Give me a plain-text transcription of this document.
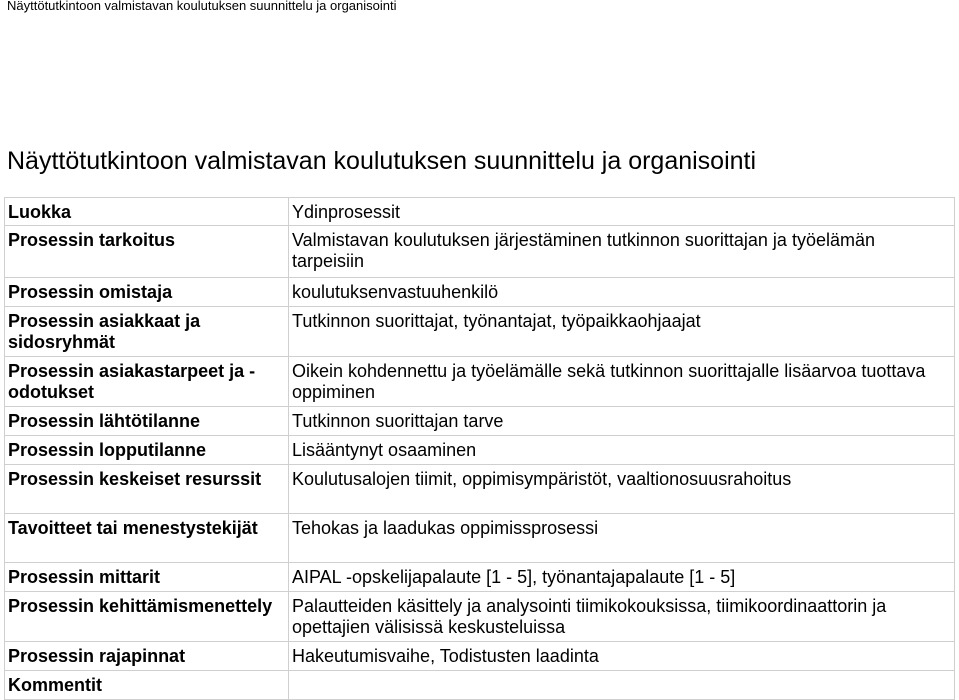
Näyttötutkintoon valmistavan koulutuksen suunnittelu ja organisointi
Näyttötutkintoon valmistavan koulutuksen suunnittelu ja organisointi
Luokka	Ydinprosessit
Prosessin tarkoitus	Valmistavan koulutuksen järjestäminen tutkinnon suorittajan ja työelämän tarpeisiin
Prosessin omistaja	koulutuksenvastuuhenkilö
Prosessin asiakkaat ja sidosryhmät	Tutkinnon suorittajat, työnantajat, työpaikkaohjaajat
Prosessin asiakastarpeet ja -odotukset	Oikein kohdennettu ja työelämälle sekä tutkinnon suorittajalle lisäarvoa tuottava oppiminen
Prosessin lähtötilanne	Tutkinnon suorittajan tarve
Prosessin lopputilanne	Lisääntynyt osaaminen
Prosessin keskeiset resurssit	Koulutusalojen tiimit, oppimisympäristöt, vaaltionosuusrahoitus
Tavoitteet tai menestystekijät	Tehokas ja laadukas oppimissprosessi
Prosessin mittarit	AIPAL -opskelijapalaute [1 - 5], työnantajapalaute [1 - 5]
Prosessin kehittämismenettely	Palautteiden käsittely ja analysointi tiimikokouksissa, tiimikoordinaattorin ja opettajien välisissä keskusteluissa
Prosessin rajapinnat	Hakeutumisvaihe, Todistusten laadinta
Kommentit	
